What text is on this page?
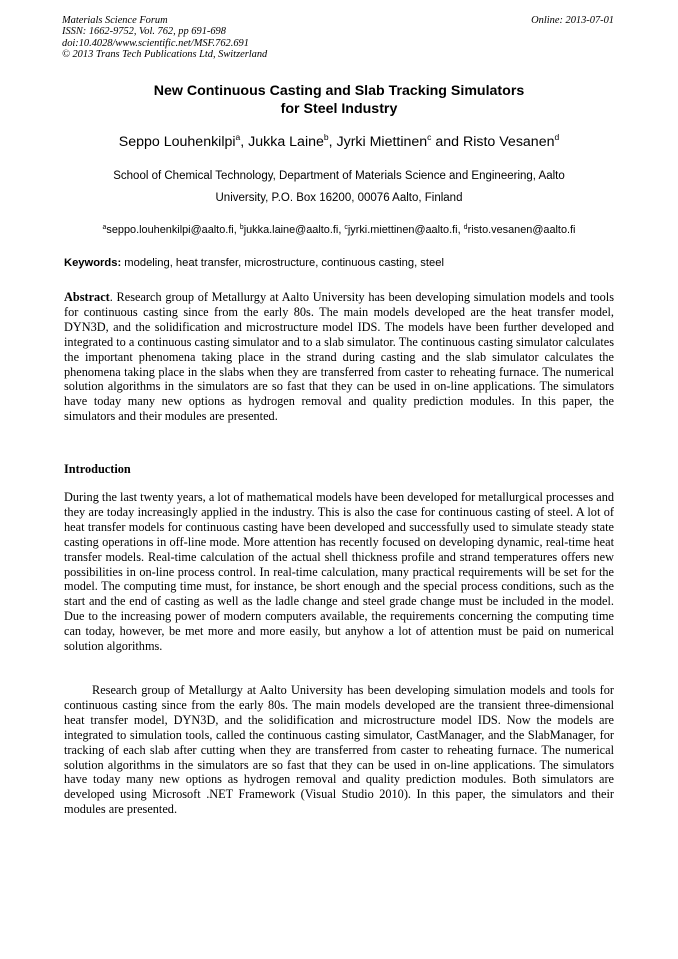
Materials Science Forum
ISSN: 1662-9752, Vol. 762, pp 691-698
doi:10.4028/www.scientific.net/MSF.762.691
© 2013 Trans Tech Publications Ltd, Switzerland
Online: 2013-07-01
New Continuous Casting and Slab Tracking Simulators
for Steel Industry
Seppo Louhenkilpi$^a$, Jukka Laine$^b$, Jyrki Miettinen$^c$ and Risto Vesanen$^d$
School of Chemical Technology, Department of Materials Science and Engineering, Aalto
University, P.O. Box 16200, 00076 Aalto, Finland
$^a$seppo.louhenkilpi@aalto.fi, $^b$jukka.laine@aalto.fi, $^c$jyrki.miettinen@aalto.fi, $^d$risto.vesanen@aalto.fi
Keywords: modeling, heat transfer, microstructure, continuous casting, steel

Abstract. Research group of Metallurgy at Aalto University has been developing simulation models and tools for continuous casting since from the early 80s. The main models developed are the heat transfer model, DYN3D, and the solidification and microstructure model IDS. The models have been further developed and integrated to a continuous casting simulator and to a slab simulator. The continuous casting simulator calculates the important phenomena taking place in the strand during casting and the slab simulator calculates the phenomena taking place in the slabs when they are transferred from caster to reheating furnace. The numerical solution algorithms in the simulators are so fast that they can be used in on-line applications. The simulators have today many new options as hydrogen removal and quality prediction modules. In this paper, the simulators and their modules are presented.

Introduction

During the last twenty years, a lot of mathematical models have been developed for metallurgical processes and they are today increasingly applied in the industry. This is also the case for continuous casting of steel. A lot of heat transfer models for continuous casting have been developed and successfully used to simulate steady state casting operations in off-line mode. More attention has recently focused on developing dynamic, real-time heat transfer models. Real-time calculation of the actual shell thickness profile and strand temperatures offers new possibilities in on-line process control. In real-time calculation, many practical requirements will be set for the model. The computing time must, for instance, be short enough and the special process conditions, such as the start and the end of casting as well as the ladle change and steel grade change must be included in the model. Due to the increasing power of modern computers available, the requirements concerning the computing time can today, however, be met more and more easily, but anyhow a lot of attention must be paid on numerical solution algorithms.

Research group of Metallurgy at Aalto University has been developing simulation models and tools for continuous casting since from the early 80s. The main models developed are the transient three-dimensional heat transfer model, DYN3D, and the solidification and microstructure model IDS. Now the models are integrated to simulation tools, called the continuous casting simulator, CastManager, and the SlabManager, for tracking of each slab after cutting when they are transferred from caster to reheating furnace. The numerical solution algorithms in the simulators are so fast that they can be used in on-line applications. The simulators have today many new options as hydrogen removal and quality prediction modules. Both simulators are developed using Microsoft .NET Framework (Visual Studio 2010). In this paper, the simulators and their modules are presented.
